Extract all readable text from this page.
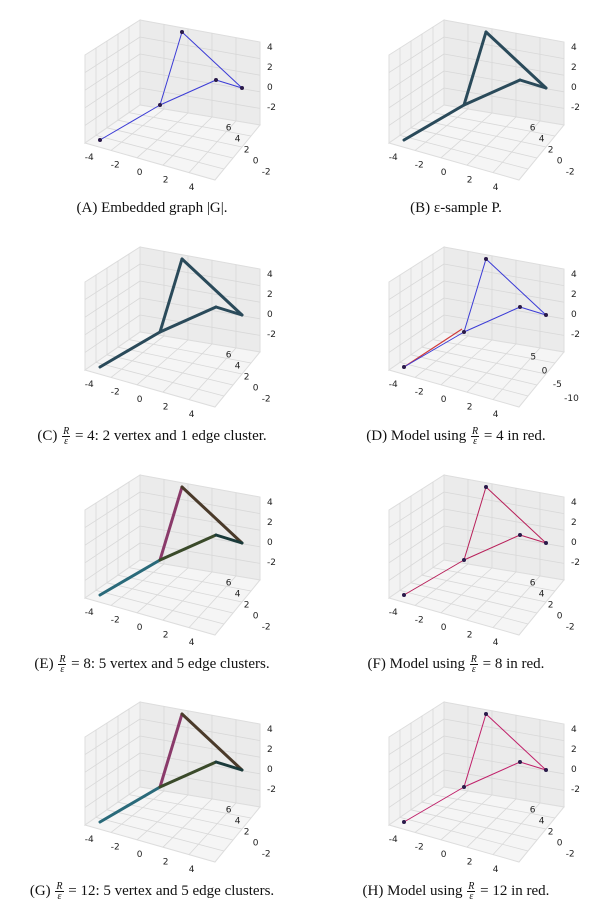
-4
-2
0
2
4
-2
0
2
4
6
4
2
0
-2
(A) Embedded graph |G|.
-4
-2
0
2
4
-2
0
2
4
6
4
2
0
-2
(B) ε-sample P.
-4
-2
0
2
4
-2
0
2
4
6
4
2
0
-2
$(C) \frac{R}{\varepsilon} = 4$: 2 vertex and 1 edge cluster.
-4
-2
0
2
4
-10
-5
0
5
4
2
0
-2
(D) Model using $\frac{R}{\varepsilon} = 4$ in red.
-4
-2
0
2
4
-2
0
2
4
6
4
2
0
-2
$(E) \frac{R}{\varepsilon} = 8$: 5 vertex and 5 edge clusters.
-4
-2
0
2
4
-2
0
2
4
6
4
2
0
-2
(F) Model using $\frac{R}{\varepsilon} = 8$ in red.
-4
-2
0
2
4
-2
0
2
4
6
4
2
0
-2
$(G) \frac{R}{\varepsilon} = 12$: 5 vertex and 5 edge clusters.
-4
-2
0
2
4
-2
0
2
4
6
4
2
0
-2
(H) Model using $\frac{R}{\varepsilon} = 12$ in red.
